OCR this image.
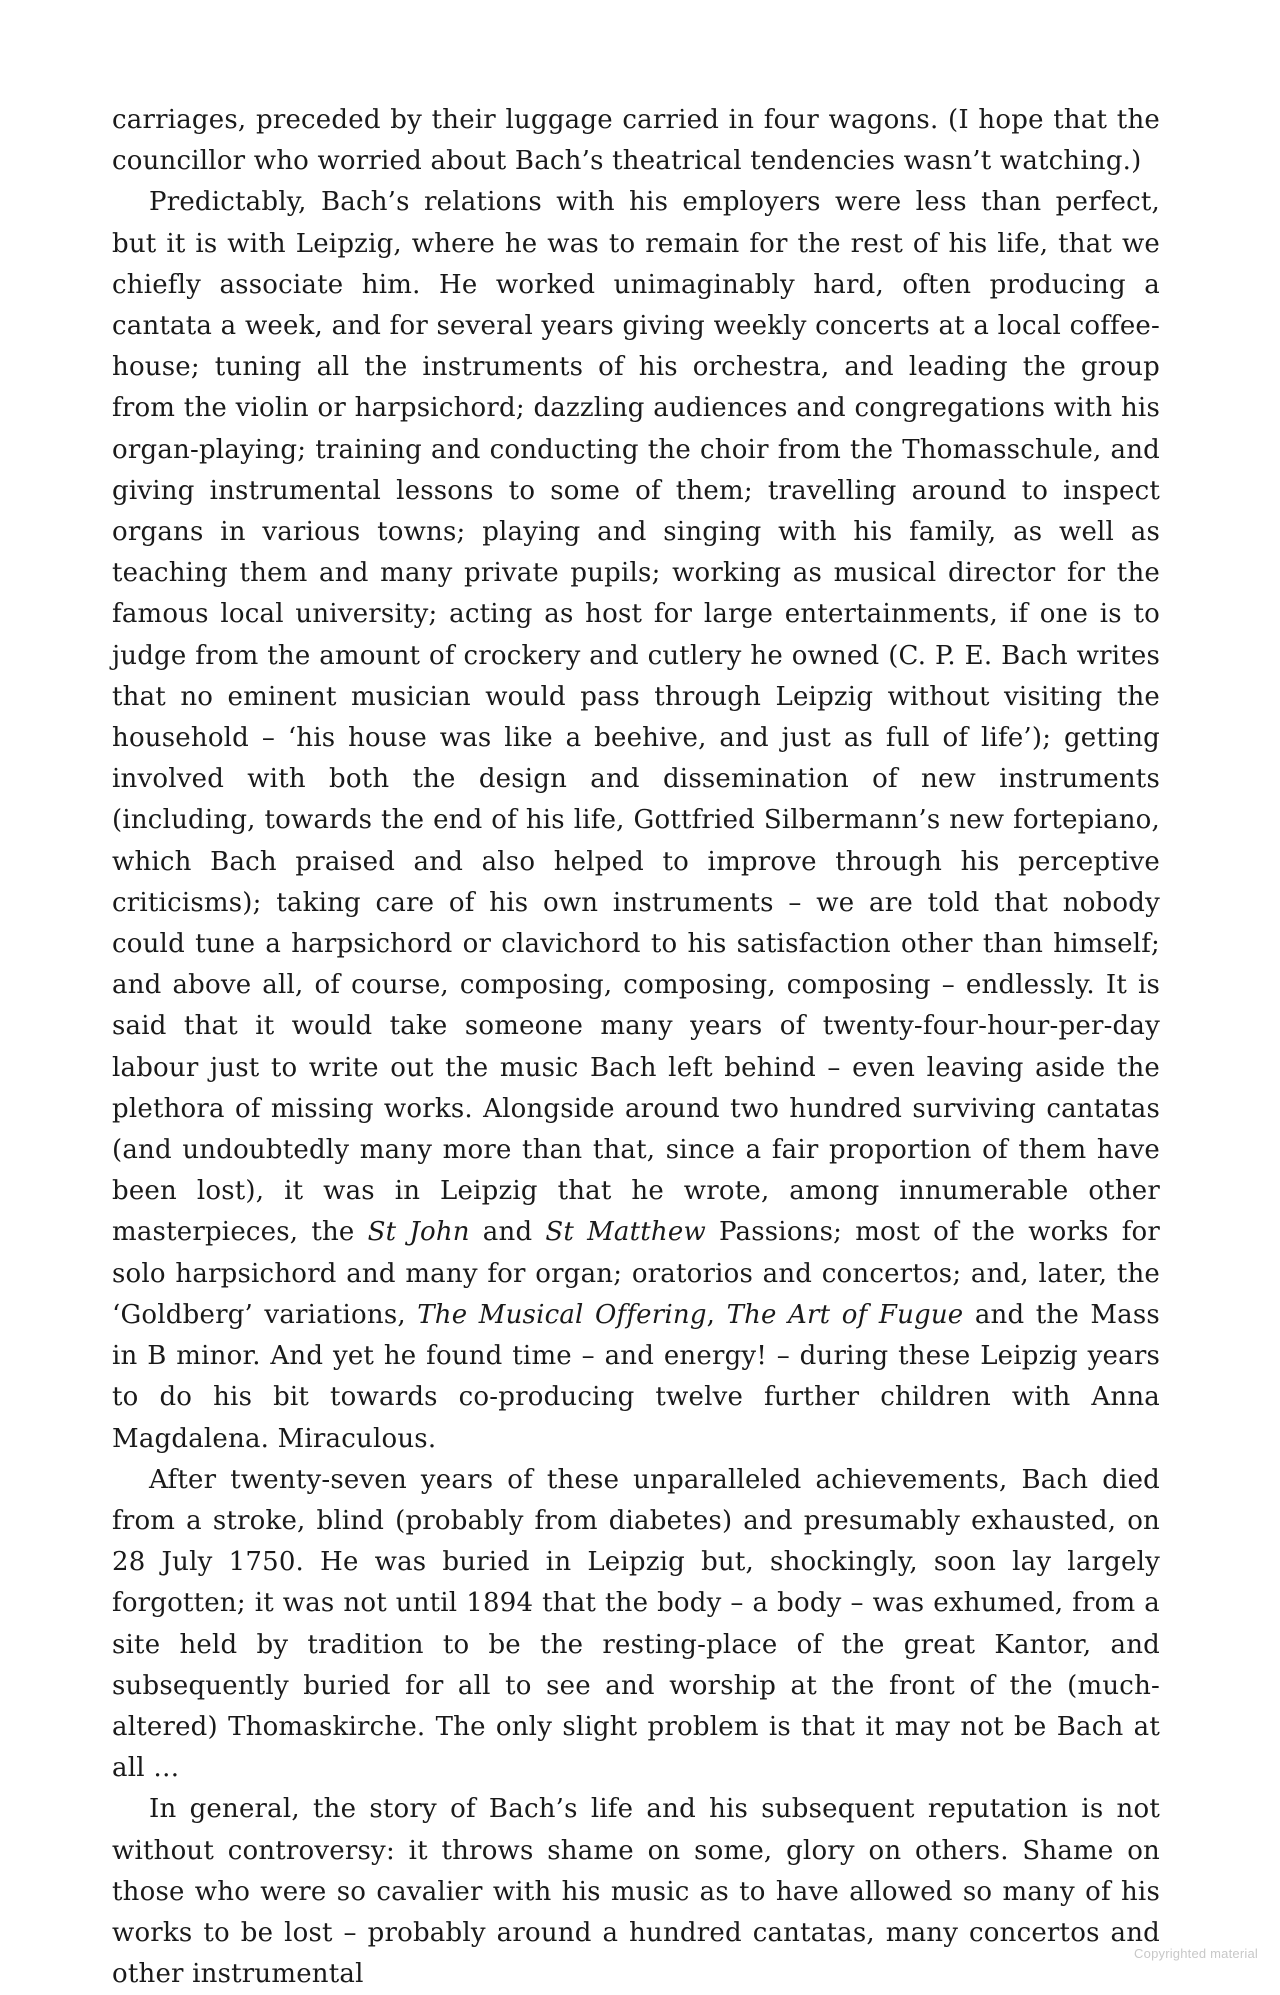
carriages, preceded by their luggage carried in four wagons. (I hope that the councillor who worried about Bach’s theatrical tendencies wasn’t watching.)

Predictably, Bach’s relations with his employers were less than perfect, but it is with Leipzig, where he was to remain for the rest of his life, that we chiefly associate him. He worked unimaginably hard, often producing a cantata a week, and for several years giving weekly concerts at a local coffee-house; tuning all the instruments of his orchestra, and leading the group from the violin or harpsichord; dazzling audiences and congregations with his organ-playing; training and conducting the choir from the Thomasschule, and giving instrumental lessons to some of them; travelling around to inspect organs in various towns; playing and singing with his family, as well as teaching them and many private pupils; working as musical director for the famous local university; acting as host for large entertainments, if one is to judge from the amount of crockery and cutlery he owned (C. P. E. Bach writes that no eminent musician would pass through Leipzig without visiting the household – ‘his house was like a beehive, and just as full of life’); getting involved with both the design and dissemination of new instruments (including, towards the end of his life, Gottfried Silbermann’s new fortepiano, which Bach praised and also helped to improve through his perceptive criticisms); taking care of his own instruments – we are told that nobody could tune a harpsichord or clavichord to his satisfaction other than himself; and above all, of course, composing, composing, composing – endlessly. It is said that it would take someone many years of twenty-four-hour-per-day labour just to write out the music Bach left behind – even leaving aside the plethora of missing works. Alongside around two hundred surviving cantatas (and undoubtedly many more than that, since a fair proportion of them have been lost), it was in Leipzig that he wrote, among innumerable other masterpieces, the St John and St Matthew Passions; most of the works for solo harpsichord and many for organ; oratorios and concertos; and, later, the ‘Goldberg’ variations, The Musical Offering, The Art of Fugue and the Mass in B minor. And yet he found time – and energy! – during these Leipzig years to do his bit towards co-producing twelve further children with Anna Magdalena. Miraculous.

After twenty-seven years of these unparalleled achievements, Bach died from a stroke, blind (probably from diabetes) and presumably exhausted, on 28 July 1750. He was buried in Leipzig but, shockingly, soon lay largely forgotten; it was not until 1894 that the body – a body – was exhumed, from a site held by tradition to be the resting-place of the great Kantor, and subsequently buried for all to see and worship at the front of the (much-altered) Thomaskirche. The only slight problem is that it may not be Bach at all …

In general, the story of Bach’s life and his subsequent reputation is not without controversy: it throws shame on some, glory on others. Shame on those who were so cavalier with his music as to have allowed so many of his works to be lost – probably around a hundred cantatas, many concertos and other instrumental

Copyrighted material
